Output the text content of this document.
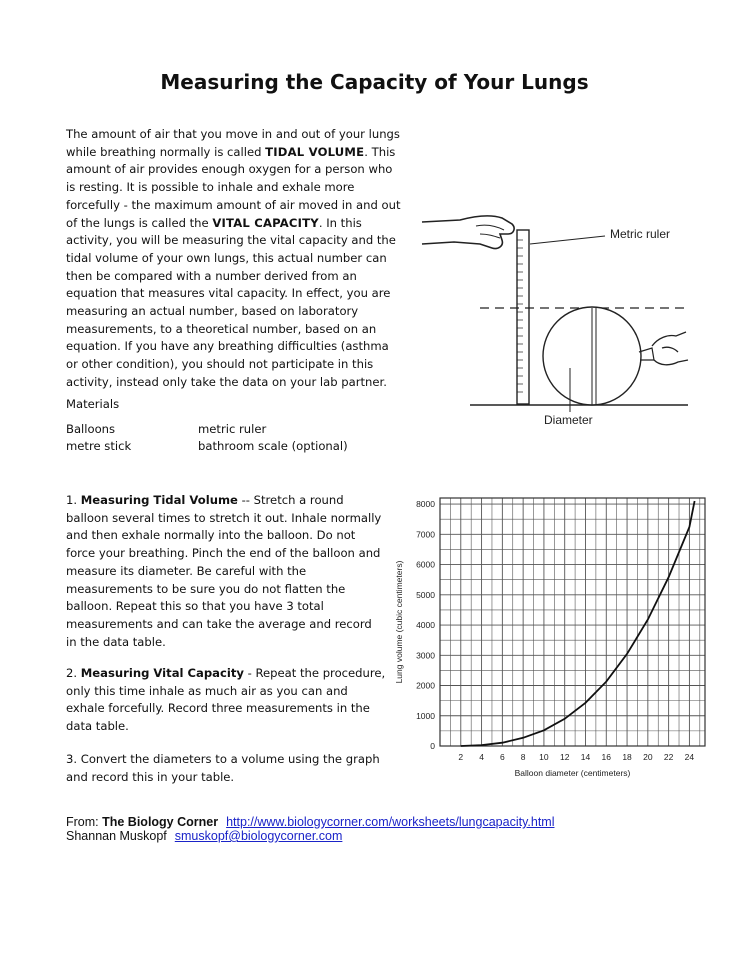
Measuring the Capacity of Your Lungs
The amount of air that you move in and out of your lungs while breathing normally is called TIDAL VOLUME. This amount of air provides enough oxygen for a person who is resting. It is possible to inhale and exhale more forcefully - the maximum amount of air moved in and out of the lungs is called the VITAL CAPACITY. In this activity, you will be measuring the vital capacity and the tidal volume of your own lungs, this actual number can then be compared with a number derived from an equation that measures vital capacity. In effect, you are measuring an actual number, based on laboratory measurements, to a theoretical number, based on an equation. If you have any breathing difficulties (asthma or other condition), you should not participate in this activity, instead only take the data on your lab partner.
Materials
Balloons
metre stick
metric ruler
bathroom scale (optional)
1. Measuring Tidal Volume -- Stretch a round balloon several times to stretch it out. Inhale normally and then exhale normally into the balloon. Do not force your breathing. Pinch the end of the balloon and measure its diameter. Be careful with the measurements to be sure you do not flatten the balloon. Repeat this so that you have 3 total measurements and can take the average and record in the data table.
2. Measuring Vital Capacity - Repeat the procedure, only this time inhale as much air as you can and exhale forcefully. Record three measurements in the data table.
3. Convert the diameters to a volume using the graph and record this in your table.
Metric ruler
Diameter
2 4 6 8 10 12 14 16 18 20 22 24
0
1000
2000
3000
4000
5000
6000
7000
8000
Balloon diameter (centimeters)
Lung volume (cubic centimeters)
From: The Biology Corner http://www.biologycorner.com/worksheets/lungcapacity.html
Shannan Muskopf smuskopf@biologycorner.com
